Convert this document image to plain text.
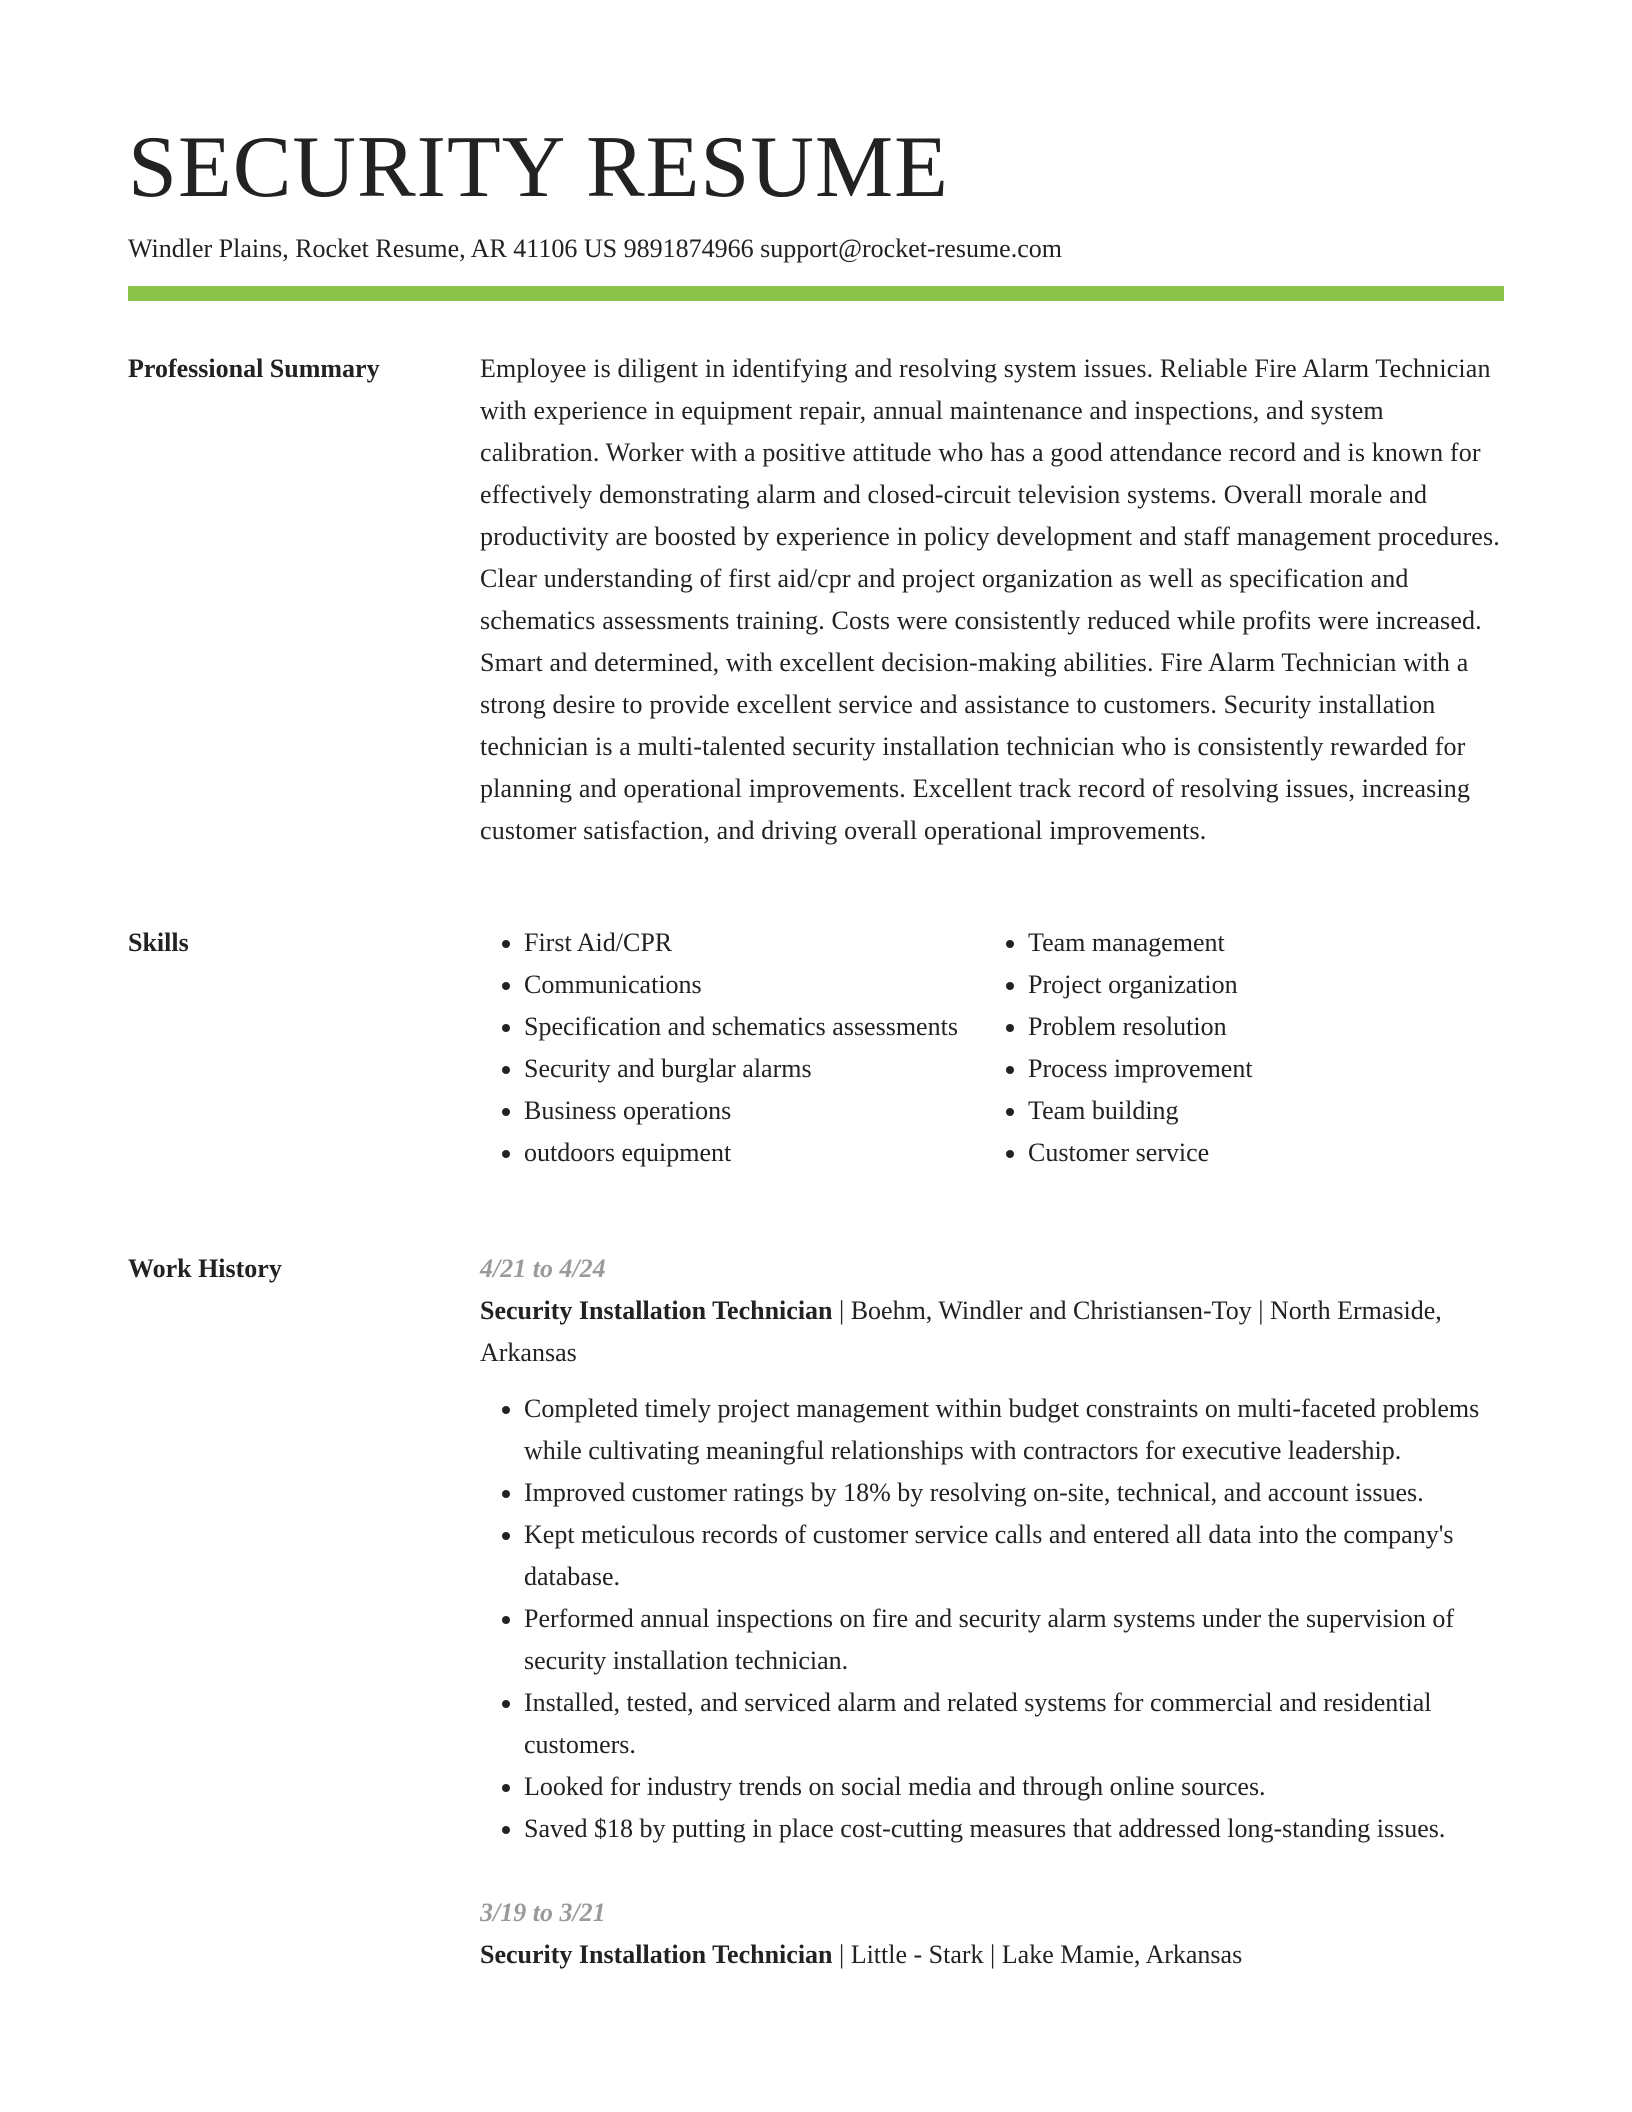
SECURITY RESUME
Windler Plains, Rocket Resume, AR 41106 US 9891874966 support@rocket-resume.com
Professional Summary	Employee is diligent in identifying and resolving system issues. Reliable Fire Alarm Technician with experience in equipment repair, annual maintenance and inspections, and system calibration. Worker with a positive attitude who has a good attendance record and is known for effectively demonstrating alarm and closed-circuit television systems. Overall morale and productivity are boosted by experience in policy development and staff management procedures. Clear understanding of first aid/cpr and project organization as well as specification and schematics assessments training. Costs were consistently reduced while profits were increased. Smart and determined, with excellent decision-making abilities. Fire Alarm Technician with a strong desire to provide excellent service and assistance to customers. Security installation technician is a multi-talented security installation technician who is consistently rewarded for planning and operational improvements. Excellent track record of resolving issues, increasing customer satisfaction, and driving overall operational improvements.

Skills
•	First Aid/CPR
• Communications
• Specification and schematics assessments
• Security and burglar alarms
• Business operations
• outdoors equipment
• Team management
• Project organization
• Problem resolution
• Process improvement
• Team building
• Customer service
Work History	4/21 to 4/24
Security Installation Technician | Boehm, Windler and Christiansen-Toy | North Ermaside, Arkansas
• Completed timely project management within budget constraints on multi-faceted problems while cultivating meaningful relationships with contractors for executive leadership.
• Improved customer ratings by 18% by resolving on-site, technical, and account issues.
• Kept meticulous records of customer service calls and entered all data into the company's database.
• Performed annual inspections on fire and security alarm systems under the supervision of security installation technician.
• Installed, tested, and serviced alarm and related systems for commercial and residential customers.
• Looked for industry trends on social media and through online sources.
• Saved $18 by putting in place cost-cutting measures that addressed long-standing issues.
3/19 to 3/21
Security Installation Technician | Little - Stark | Lake Mamie, Arkansas
